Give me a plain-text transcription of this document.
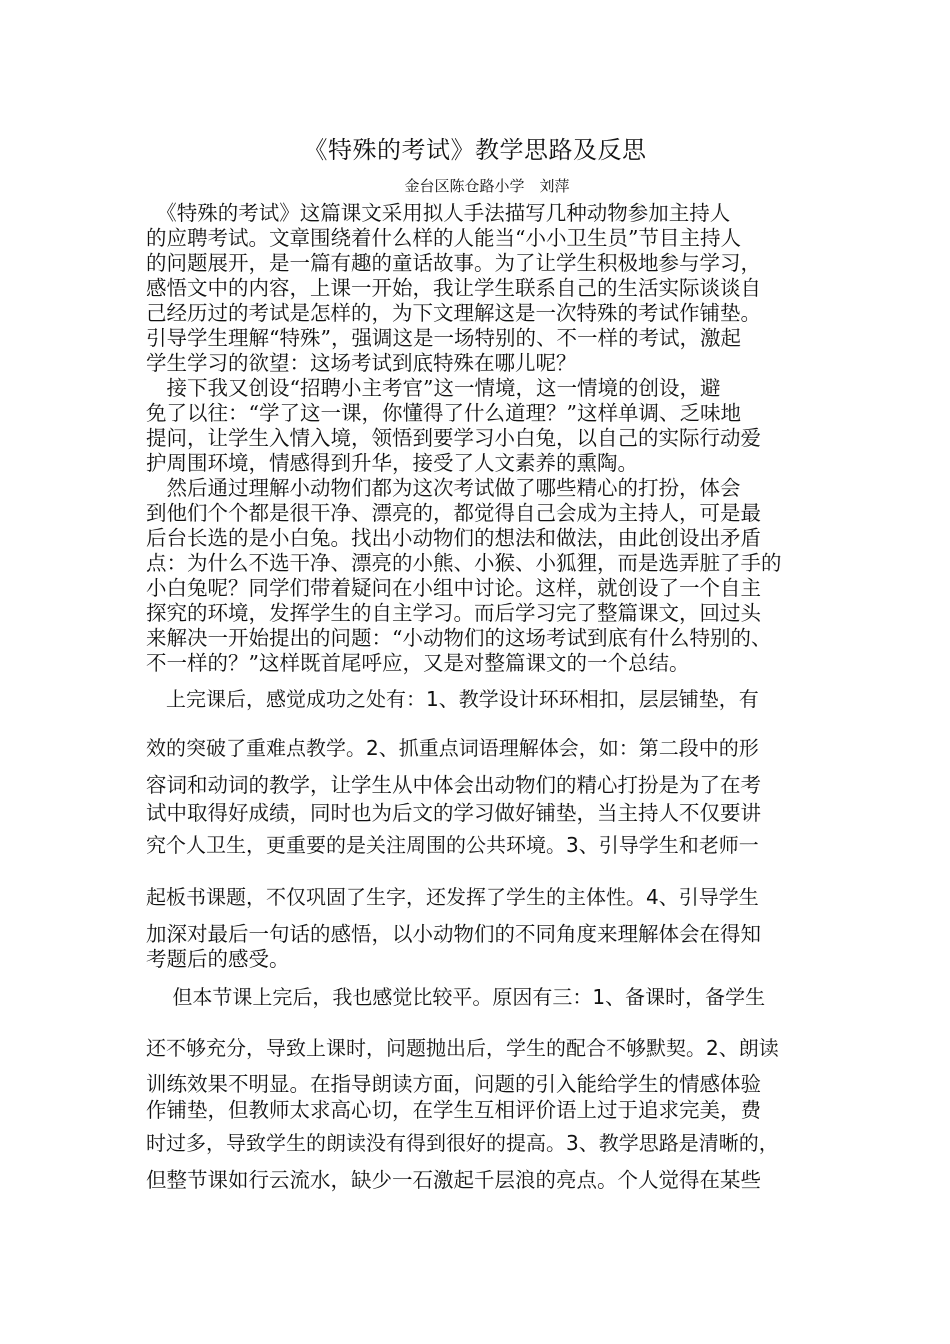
《特殊的考试》教学思路及反思
金台区陈仓路小学　刘萍
　《特殊的考试》这篇课文采用拟人手法描写几种动物参加主持人
的应聘考试。文章围绕着什么样的人能当“小小卫生员”节目主持人
的问题展开，是一篇有趣的童话故事。为了让学生积极地参与学习，
感悟文中的内容，上课一开始，我让学生联系自己的生活实际谈谈自
己经历过的考试是怎样的，为下文理解这是一次特殊的考试作铺垫。
引导学生理解“特殊”，强调这是一场特别的、不一样的考试，激起
学生学习的欲望：这场考试到底特殊在哪儿呢？
　接下我又创设“招聘小主考官”这一情境，这一情境的创设，避
免了以往：“学了这一课，你懂得了什么道理？”这样单调、乏味地
提问，让学生入情入境，领悟到要学习小白兔，以自己的实际行动爱
护周围环境，情感得到升华，接受了人文素养的熏陶。
　然后通过理解小动物们都为这次考试做了哪些精心的打扮，体会
到他们个个都是很干净、漂亮的，都觉得自己会成为主持人，可是最
后台长选的是小白兔。找出小动物们的想法和做法，由此创设出矛盾
点：为什么不选干净、漂亮的小熊、小猴、小狐狸，而是选弄脏了手的
小白兔呢？同学们带着疑问在小组中讨论。这样，就创设了一个自主
探究的环境，发挥学生的自主学习。而后学习完了整篇课文，回过头
来解决一开始提出的问题：“小动物们的这场考试到底有什么特别的、
不一样的？”这样既首尾呼应，又是对整篇课文的一个总结。
　上完课后，感觉成功之处有：1、教学设计环环相扣，层层铺垫，有
效的突破了重难点教学。2、抓重点词语理解体会，如：第二段中的形
容词和动词的教学，让学生从中体会出动物们的精心打扮是为了在考
试中取得好成绩，同时也为后文的学习做好铺垫，当主持人不仅要讲
究个人卫生，更重要的是关注周围的公共环境。3、引导学生和老师一
起板书课题，不仅巩固了生字，还发挥了学生的主体性。4、引导学生
加深对最后一句话的感悟，以小动物们的不同角度来理解体会在得知
考题后的感受。
　 但本节课上完后，我也感觉比较平。原因有三：1、备课时，备学生
还不够充分，导致上课时，问题抛出后，学生的配合不够默契。2、朗读
训练效果不明显。在指导朗读方面，问题的引入能给学生的情感体验
作铺垫，但教师太求高心切，在学生互相评价语上过于追求完美，费
时过多，导致学生的朗读没有得到很好的提高。3、教学思路是清晰的，
但整节课如行云流水，缺少一石激起千层浪的亮点。个人觉得在某些
